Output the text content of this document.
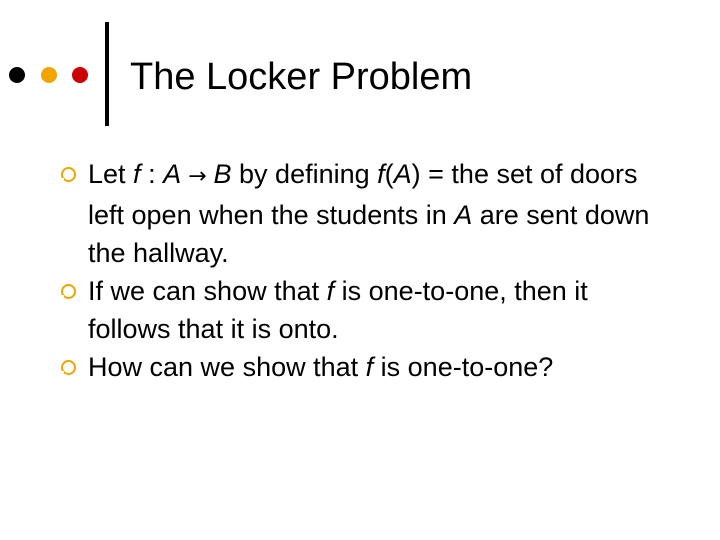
The Locker Problem
Let f : A → B by defining f(A) = the set of doors left open when the students in A are sent down the hallway.
If we can show that f is one-to-one, then it follows that it is onto.
How can we show that f is one-to-one?
